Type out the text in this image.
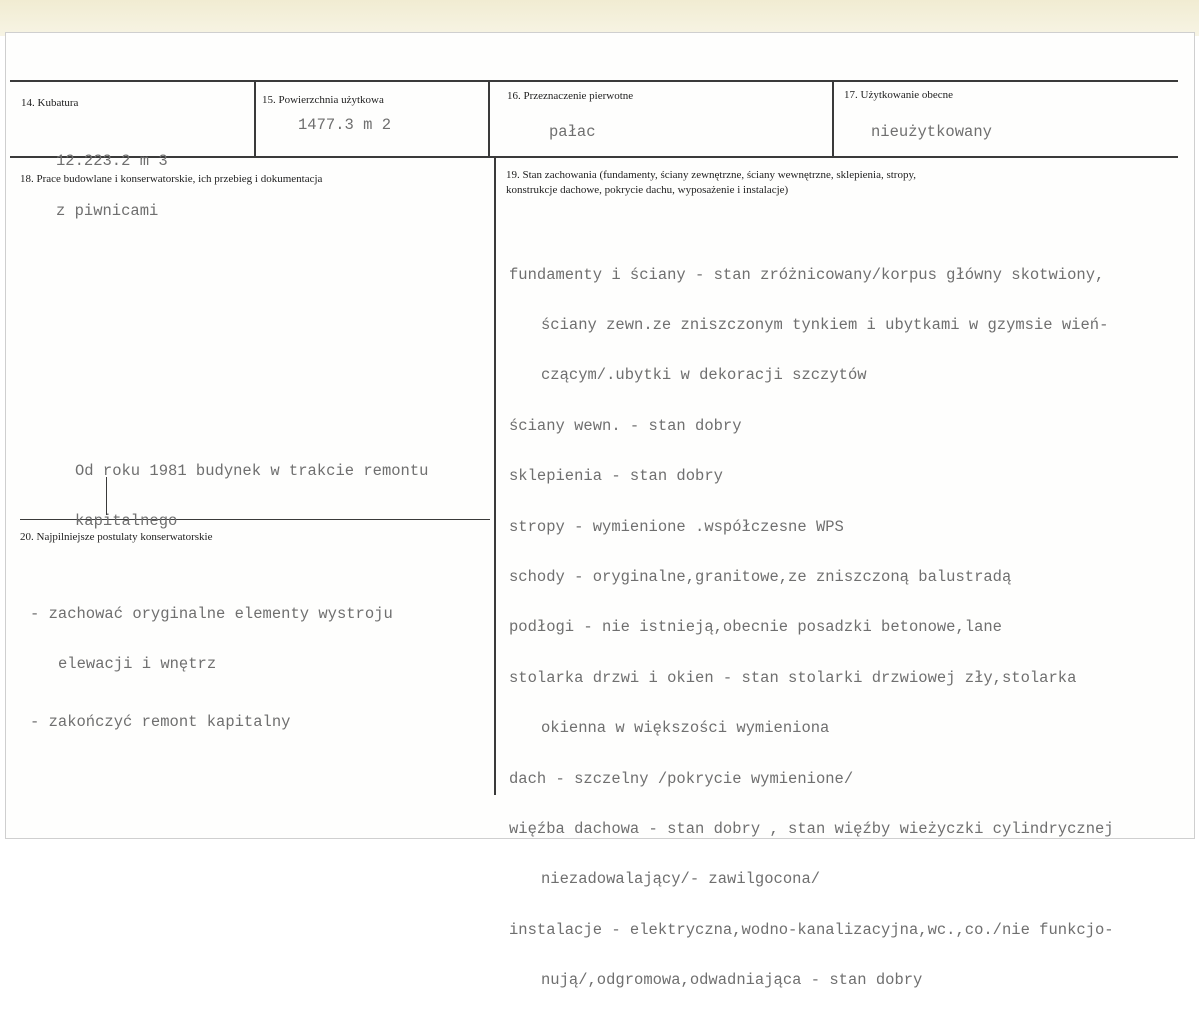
14. Kubatura

12.223.2 m 3

z piwnicami

15. Powierzchnia użytkowa
1477.3 m 2
16. Przeznaczenie pierwotne
pałac
17. Użytkowanie obecne
nieużytkowany
18. Prace budowlane i konserwatorskie, ich przebieg i dokumentacja

Od roku 1981 budynek w trakcie remontu

kapitalnego

19. Stan zachowania (fundamenty, ściany zewnętrzne, ściany wewnętrzne, sklepienia, stropy,
konstrukcje dachowe, pokrycie dachu, wyposażenie i instalacje)

fundamenty i ściany - stan zróżnicowany/korpus główny skotwiony,

ściany zewn.ze zniszczonym tynkiem i ubytkami w gzymsie wień-

czącym/.ubytki w dekoracji szczytów

ściany wewn. - stan dobry

sklepienia - stan dobry

stropy - wymienione .współczesne WPS

schody - oryginalne,granitowe,ze zniszczoną balustradą

podłogi - nie istnieją,obecnie posadzki betonowe,lane

stolarka drzwi i okien - stan stolarki drzwiowej zły,stolarka

okienna w większości wymieniona

dach - szczelny /pokrycie wymienione/

więźba dachowa - stan dobry , stan więźby wieżyczki cylindrycznej

niezadowalający/- zawilgocona/

instalacje - elektryczna,wodno-kanalizacyjna,wc.,co./nie funkcjo-

nują/,odgromowa,odwadniająca - stan dobry

20. Najpilniejsze postulaty konserwatorskie

- zachować oryginalne elementy wystroju

elewacji i wnętrz

- zakończyć remont kapitalny
